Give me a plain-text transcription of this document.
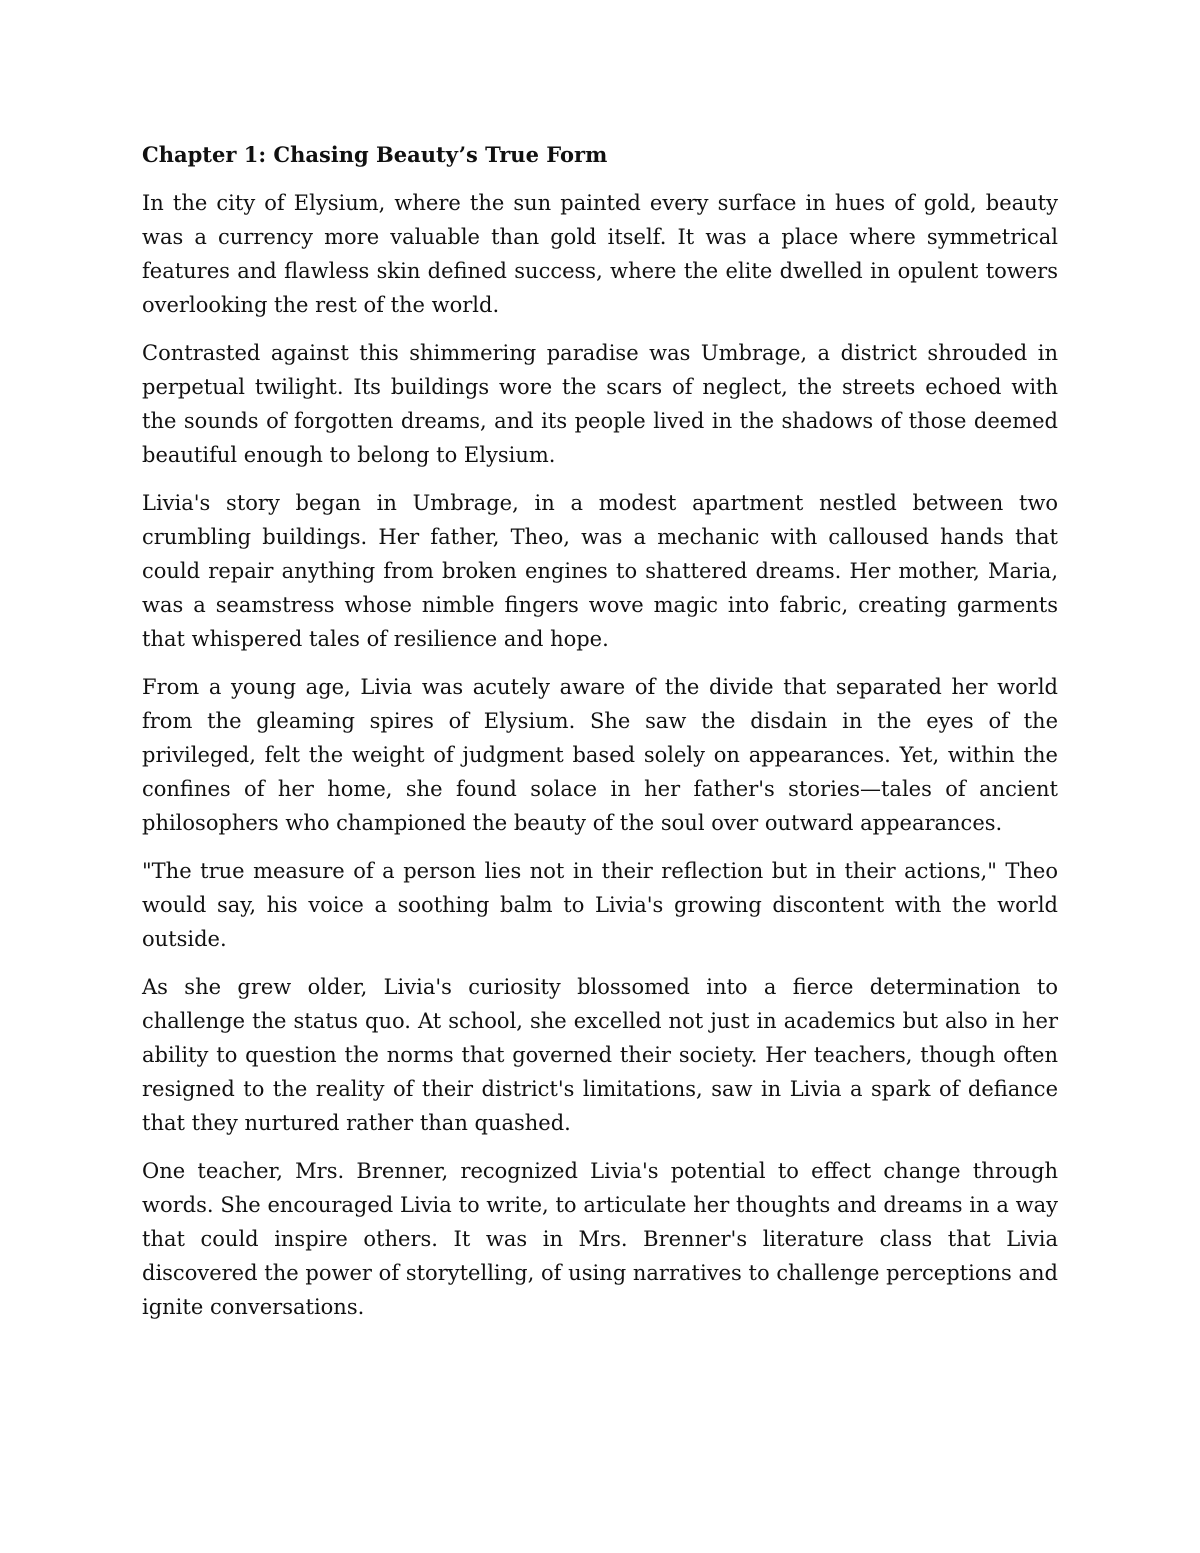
Chapter 1: Chasing Beauty’s True Form

In the city of Elysium, where the sun painted every surface in hues of gold, beauty was a currency more valuable than gold itself. It was a place where symmetrical features and flawless skin defined success, where the elite dwelled in opulent towers overlooking the rest of the world.

Contrasted against this shimmering paradise was Umbrage, a district shrouded in perpetual twilight. Its buildings wore the scars of neglect, the streets echoed with the sounds of forgotten dreams, and its people lived in the shadows of those deemed beautiful enough to belong to Elysium.

Livia's story began in Umbrage, in a modest apartment nestled between two crumbling buildings. Her father, Theo, was a mechanic with calloused hands that could repair anything from broken engines to shattered dreams. Her mother, Maria, was a seamstress whose nimble fingers wove magic into fabric, creating garments that whispered tales of resilience and hope.

From a young age, Livia was acutely aware of the divide that separated her world from the gleaming spires of Elysium. She saw the disdain in the eyes of the privileged, felt the weight of judgment based solely on appearances. Yet, within the confines of her home, she found solace in her father's stories—tales of ancient philosophers who championed the beauty of the soul over outward appearances.

"The true measure of a person lies not in their reflection but in their actions," Theo would say, his voice a soothing balm to Livia's growing discontent with the world outside.

As she grew older, Livia's curiosity blossomed into a fierce determination to challenge the status quo. At school, she excelled not just in academics but also in her ability to question the norms that governed their society. Her teachers, though often resigned to the reality of their district's limitations, saw in Livia a spark of defiance that they nurtured rather than quashed.

One teacher, Mrs. Brenner, recognized Livia's potential to effect change through words. She encouraged Livia to write, to articulate her thoughts and dreams in a way that could inspire others. It was in Mrs. Brenner's literature class that Livia discovered the power of storytelling, of using narratives to challenge perceptions and ignite conversations.
